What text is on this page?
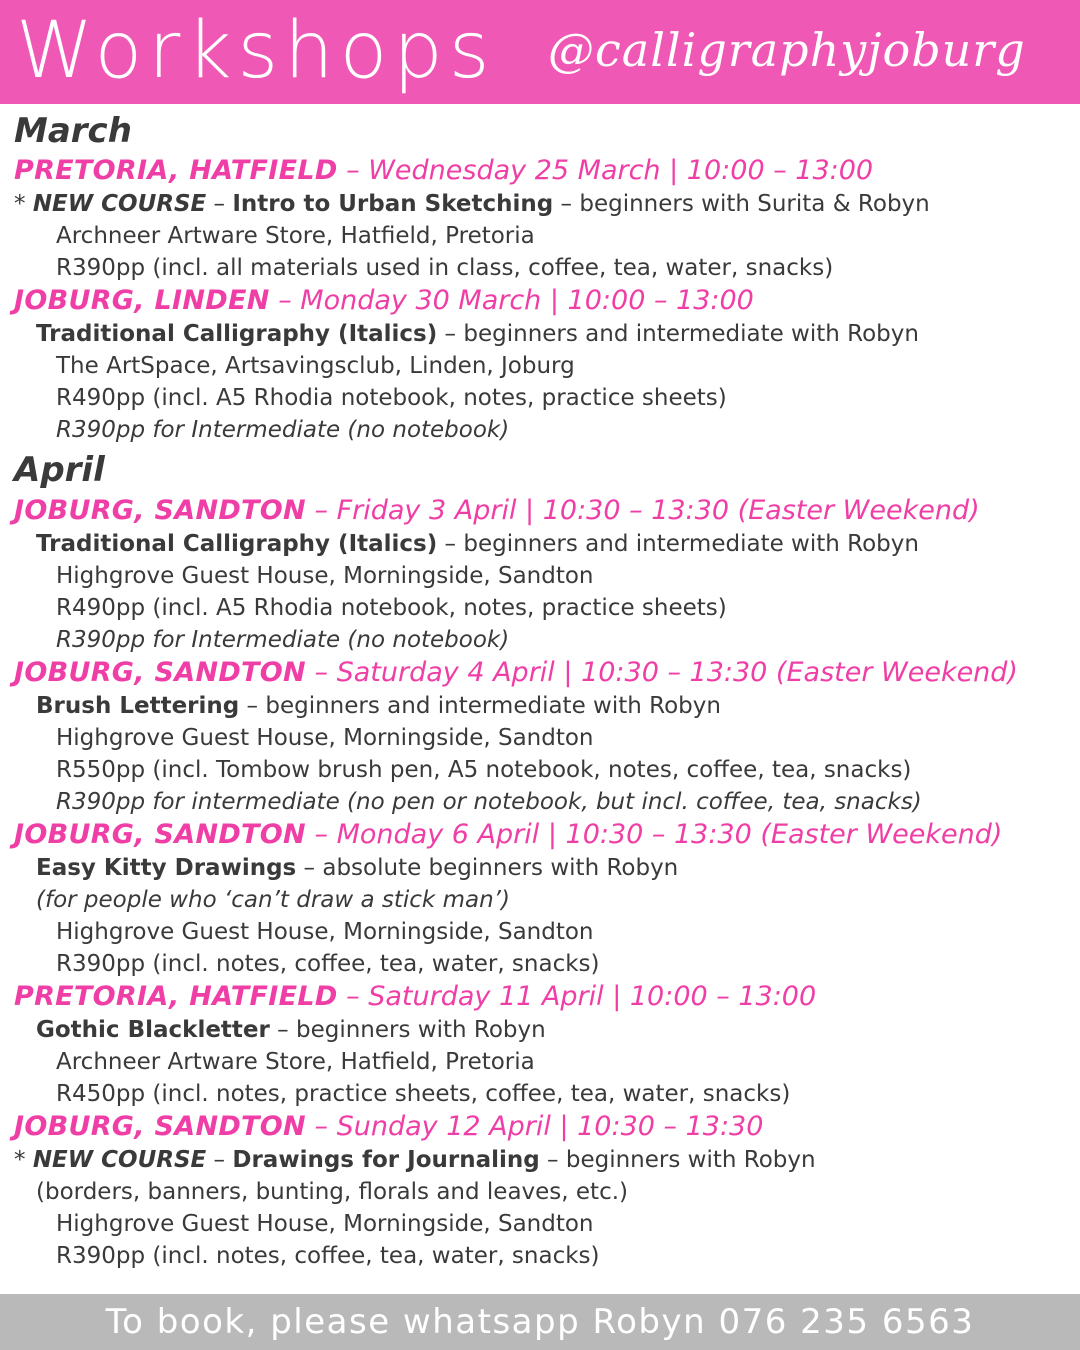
Workshops @calligraphyjoburg
March
PRETORIA, HATFIELD – Wednesday 25 March | 10:00 – 13:00
* NEW COURSE – Intro to Urban Sketching – beginners with Surita & Robyn
Archneer Artware Store, Hatfield, Pretoria
R390pp (incl. all materials used in class, coffee, tea, water, snacks)
JOBURG, LINDEN – Monday 30 March | 10:00 – 13:00
Traditional Calligraphy (Italics) – beginners and intermediate with Robyn
The ArtSpace, Artsavingsclub, Linden, Joburg
R490pp (incl. A5 Rhodia notebook, notes, practice sheets)
R390pp for Intermediate (no notebook)
April
JOBURG, SANDTON – Friday 3 April | 10:30 – 13:30 (Easter Weekend)
Traditional Calligraphy (Italics) – beginners and intermediate with Robyn
Highgrove Guest House, Morningside, Sandton
R490pp (incl. A5 Rhodia notebook, notes, practice sheets)
R390pp for Intermediate (no notebook)
JOBURG, SANDTON – Saturday 4 April | 10:30 – 13:30 (Easter Weekend)
Brush Lettering – beginners and intermediate with Robyn
Highgrove Guest House, Morningside, Sandton
R550pp (incl. Tombow brush pen, A5 notebook, notes, coffee, tea, snacks)
R390pp for intermediate (no pen or notebook, but incl. coffee, tea, snacks)
JOBURG, SANDTON – Monday 6 April | 10:30 – 13:30 (Easter Weekend)
Easy Kitty Drawings – absolute beginners with Robyn
(for people who ‘can’t draw a stick man’)
Highgrove Guest House, Morningside, Sandton
R390pp (incl. notes, coffee, tea, water, snacks)
PRETORIA, HATFIELD – Saturday 11 April | 10:00 – 13:00
Gothic Blackletter – beginners with Robyn
Archneer Artware Store, Hatfield, Pretoria
R450pp (incl. notes, practice sheets, coffee, tea, water, snacks)
JOBURG, SANDTON – Sunday 12 April | 10:30 – 13:30
* NEW COURSE – Drawings for Journaling – beginners with Robyn
(borders, banners, bunting, florals and leaves, etc.)
Highgrove Guest House, Morningside, Sandton
R390pp (incl. notes, coffee, tea, water, snacks)
To book, please whatsapp Robyn 076 235 6563
